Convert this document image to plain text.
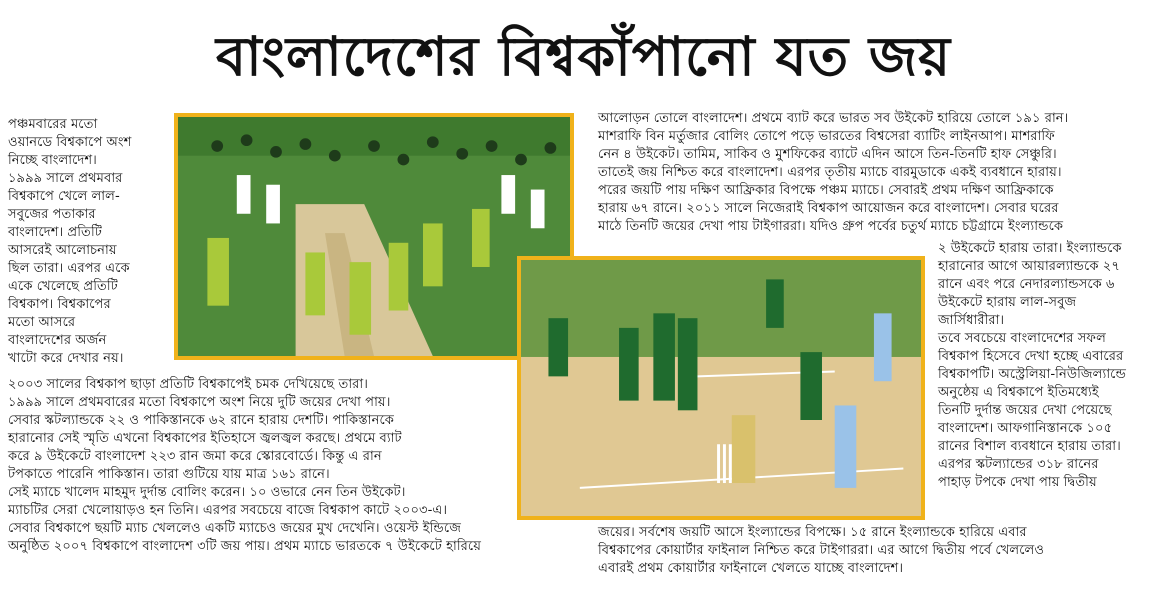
বাংলাদেশের বিশ্বকাঁপানো যত জয়
পঞ্চমবারের মতো
ওয়ানডে বিশ্বকাপে অংশ
নিচ্ছে বাংলাদেশ।
১৯৯৯ সালে প্রথমবার
বিশ্বকাপে খেলে লাল-
সবুজের পতাকার
বাংলাদেশ। প্রতিটি
আসরেই আলোচনায়
ছিল তারা। এরপর একে
একে খেলেছে প্রতিটি
বিশ্বকাপ। বিশ্বকাপের
মতো আসরে
বাংলাদেশের অর্জন
খাটো করে দেখার নয়।
২০০৩ সালের বিশ্বকাপ ছাড়া প্রতিটি বিশ্বকাপেই চমক দেখিয়েছে তারা।
১৯৯৯ সালে প্রথমবারের মতো বিশ্বকাপে অংশ নিয়ে দুটি জয়ের দেখা পায়।
সেবার স্কটল্যান্ডকে ২২ ও পাকিস্তানকে ৬২ রানে হারায় দেশটি। পাকিস্তানকে
হারানোর সেই স্মৃতি এখনো বিশ্বকাপের ইতিহাসে জ্বলজ্বল করছে। প্রথমে ব্যাট
করে ৯ উইকেটে বাংলাদেশ ২২৩ রান জমা করে স্কোরবোর্ডে। কিন্তু এ রান
টপকাতে পারেনি পাকিস্তান। তারা গুটিয়ে যায় মাত্র ১৬১ রানে।
সেই ম্যাচে খালেদ মাহমুদ দুর্দান্ত বোলিং করেন। ১০ ওভারে নেন তিন উইকেট।
ম্যাচটির সেরা খেলোয়াড়ও হন তিনি। এরপর সবচেয়ে বাজে বিশ্বকাপ কাটে ২০০৩-এ।
সেবার বিশ্বকাপে ছয়টি ম্যাচ খেললেও একটি ম্যাচেও জয়ের মুখ দেখেনি। ওয়েস্ট ইন্ডিজে
অনুষ্ঠিত ২০০৭ বিশ্বকাপে বাংলাদেশ ৩টি জয় পায়। প্রথম ম্যাচে ভারতকে ৭ উইকেটে হারিয়ে
আলোড়ন তোলে বাংলাদেশ। প্রথমে ব্যাট করে ভারত সব উইকেট হারিয়ে তোলে ১৯১ রান।
মাশরাফি বিন মর্তুজার বোলিং তোপে পড়ে ভারতের বিশ্বসেরা ব্যাটিং লাইনআপ। মাশরাফি
নেন ৪ উইকেট। তামিম, সাকিব ও মুশফিকের ব্যাটে এদিন আসে তিন-তিনটি হাফ সেঞ্চুরি।
তাতেই জয় নিশ্চিত করে বাংলাদেশ। এরপর তৃতীয় ম্যাচে বারমুডাকে একই ব্যবধানে হারায়।
পরের জয়টি পায় দক্ষিণ আফ্রিকার বিপক্ষে পঞ্চম ম্যাচে। সেবারই প্রথম দক্ষিণ আফ্রিকাকে
হারায় ৬৭ রানে। ২০১১ সালে নিজেরাই বিশ্বকাপ আয়োজন করে বাংলাদেশ। সেবার ঘরের
মাঠে তিনটি জয়ের দেখা পায় টাইগাররা। যদিও গ্রুপ পর্বের চতুর্থ ম্যাচে চট্টগ্রামে ইংল্যান্ডকে
২ উইকেটে হারায় তারা। ইংল্যান্ডকে
হারানোর আগে আয়ারল্যান্ডকে ২৭
রানে এবং পরে নেদারল্যান্ডসকে ৬
উইকেটে হারায় লাল-সবুজ
জার্সিধারীরা।
তবে সবচেয়ে বাংলাদেশের সফল
বিশ্বকাপ হিসেবে দেখা হচ্ছে এবারের
বিশ্বকাপটি। অস্ট্রেলিয়া-নিউজিল্যান্ডে
অনুষ্ঠেয় এ বিশ্বকাপে ইতিমধ্যেই
তিনটি দুর্দান্ত জয়ের দেখা পেয়েছে
বাংলাদেশ। আফগানিস্তানকে ১০৫
রানের বিশাল ব্যবধানে হারায় তারা।
এরপর স্কটল্যান্ডের ৩১৮ রানের
পাহাড় টপকে দেখা পায় দ্বিতীয়
জয়ের। সর্বশেষ জয়টি আসে ইংল্যান্ডের বিপক্ষে। ১৫ রানে ইংল্যান্ডকে হারিয়ে এবার
বিশ্বকাপের কোয়ার্টার ফাইনাল নিশ্চিত করে টাইগাররা। এর আগে দ্বিতীয় পর্বে খেললেও
এবারই প্রথম কোয়ার্টার ফাইনালে খেলতে যাচ্ছে বাংলাদেশ।
